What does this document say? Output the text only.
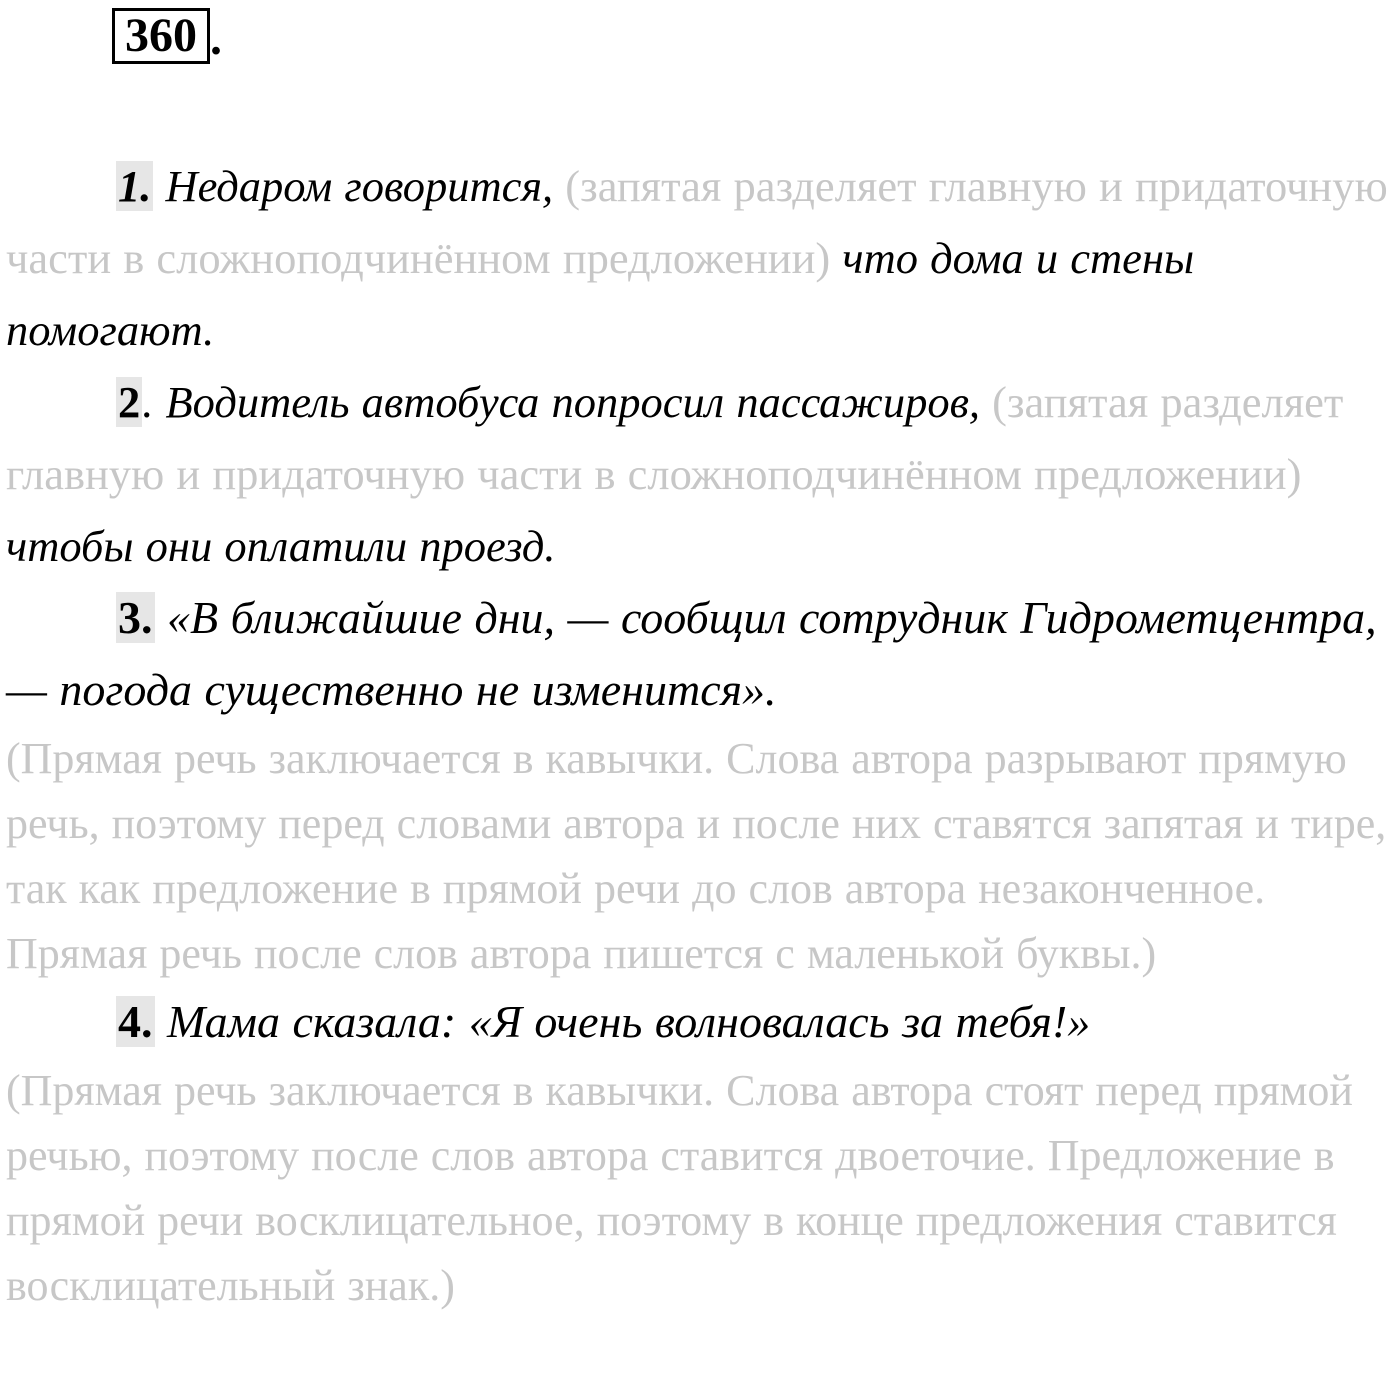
360 .

1. Недаром говорится, (запятая разделяет главную и придаточную части в сложноподчинённом предложении) что дома и стены помогают.

2. Водитель автобуса попросил пассажиров, (запятая разделяет главную и придаточную части в сложноподчинённом предложении) чтобы они оплатили проезд.

3. «В ближайшие дни, — сообщил сотрудник Гидрометцентра, — погода существенно не изменится».
(Прямая речь заключается в кавычки. Слова автора разрывают прямую речь, поэтому перед словами автора и после них ставятся запятая и тире, так как предложение в прямой речи до слов автора незаконченное. Прямая речь после слов автора пишется с маленькой буквы.)

4. Мама сказала: «Я очень волновалась за тебя!»
(Прямая речь заключается в кавычки. Слова автора стоят перед прямой речью, поэтому после слов автора ставится двоеточие. Предложение в прямой речи восклицательное, поэтому в конце предложения ставится восклицательный знак.)
